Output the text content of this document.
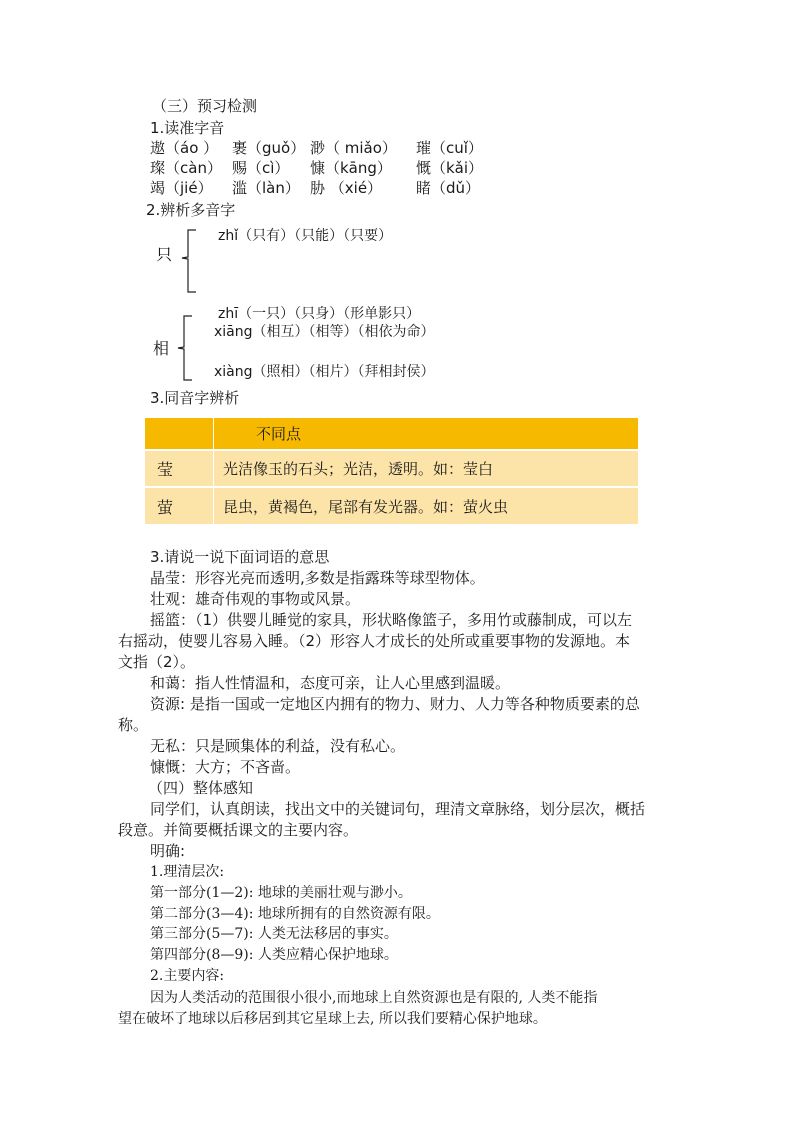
（三）预习检测
1.读准字音
遨（áo ） 裹（guǒ） 渺（ miǎo） 璀（cuǐ）
璨（càn） 赐（cì） 慷（kāng） 慨（kǎi）
竭（jié） 滥（làn） 胁 （xié） 睹（dǔ）
2.辨析多音字
只
zhǐ（只有）（只能）（只要）
zhī（一只）（只身）（形单影只）
xiāng（相互）（相等）（相依为命）
相
xiàng（照相）（相片）（拜相封侯）
3.同音字辨析
不同点
莹	光洁像玉的石头；光洁，透明。如：莹白
萤	昆虫，黄褐色，尾部有发光器。如：萤火虫
3.请说一说下面词语的意思
晶莹：形容光亮而透明,多数是指露珠等球型物体。
壮观：雄奇伟观的事物或风景。
摇篮：（1）供婴儿睡觉的家具，形状略像篮子，多用竹或藤制成，可以左
右摇动，使婴儿容易入睡。（2）形容人才成长的处所或重要事物的发源地。本
文指（2）。
和蔼：指人性情温和，态度可亲，让人心里感到温暖。
资源: 是指一国或一定地区内拥有的物力、财力、人力等各种物质要素的总
称。
无私：只是顾集体的利益，没有私心。
慷慨：大方；不吝啬。
（四）整体感知
同学们，认真朗读，找出文中的关键词句，理清文章脉络，划分层次，概括
段意。并简要概括课文的主要内容。
明确:
1.理清层次:
第一部分(1—2): 地球的美丽壮观与渺小。
第二部分(3—4): 地球所拥有的自然资源有限。
第三部分(5—7): 人类无法移居的事实。
第四部分(8—9): 人类应精心保护地球。
2.主要内容:
因为人类活动的范围很小很小,而地球上自然资源也是有限的, 人类不能指
望在破坏了地球以后移居到其它星球上去, 所以我们要精心保护地球。
